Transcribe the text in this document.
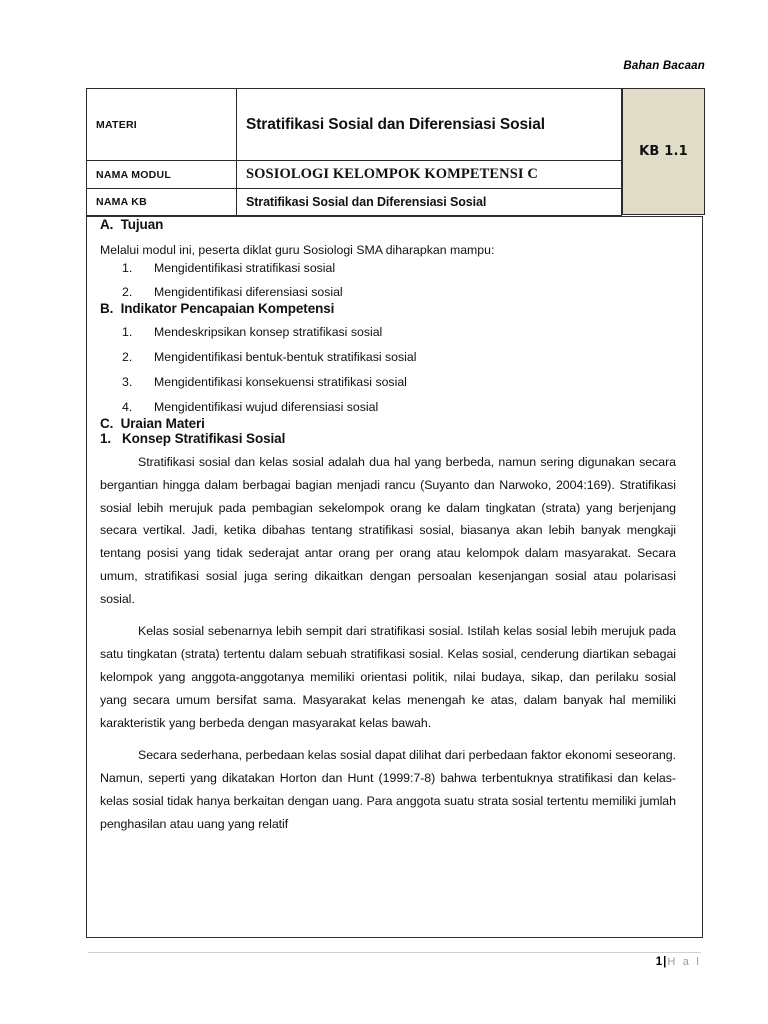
Bahan Bacaan
MATERI	Stratifikasi Sosial dan Diferensiasi Sosial
NAMA MODUL	SOSIOLOGI KELOMPOK KOMPETENSI C
NAMA KB	Stratifikasi Sosial dan Diferensiasi Sosial
KB 1.1
A.  Tujuan

Melalui modul ini, peserta diklat guru Sosiologi SMA diharapkan mampu:

1.	Mengidentifikasi stratifikasi sosial
2.	Mengidentifikasi diferensiasi sosial
B.  Indikator Pencapaian Kompetensi
1.	Mendeskripsikan konsep stratifikasi sosial
2.	Mengidentifikasi bentuk-bentuk stratifikasi sosial
3.	Mengidentifikasi konsekuensi stratifikasi sosial
4.	Mengidentifikasi wujud diferensiasi sosial
C.  Uraian Materi
1.   Konsep Stratifikasi Sosial

Stratifikasi sosial dan kelas sosial adalah dua hal yang berbeda, namun sering digunakan secara bergantian hingga dalam berbagai bagian menjadi rancu (Suyanto dan Narwoko, 2004:169). Stratifikasi sosial lebih merujuk pada pembagian sekelompok orang ke dalam tingkatan (strata) yang berjenjang secara vertikal. Jadi, ketika dibahas tentang stratifikasi sosial, biasanya akan lebih banyak mengkaji tentang posisi yang tidak sederajat antar orang per orang atau kelompok dalam masyarakat. Secara umum, stratifikasi sosial juga sering dikaitkan dengan persoalan kesenjangan sosial atau polarisasi sosial.

Kelas sosial sebenarnya lebih sempit dari stratifikasi sosial. Istilah kelas sosial lebih merujuk pada satu tingkatan (strata) tertentu dalam sebuah stratifikasi sosial. Kelas sosial, cenderung diartikan sebagai kelompok yang anggota-anggotanya memiliki orientasi politik, nilai budaya, sikap, dan perilaku sosial yang secara umum bersifat sama. Masyarakat kelas menengah ke atas, dalam banyak hal memiliki karakteristik yang berbeda dengan masyarakat kelas bawah.

Secara sederhana, perbedaan kelas sosial dapat dilihat dari perbedaan faktor ekonomi seseorang. Namun, seperti yang dikatakan Horton dan Hunt (1999:7-8) bahwa terbentuknya stratifikasi dan kelas-kelas sosial tidak hanya berkaitan dengan uang. Para anggota suatu strata sosial tertentu memiliki jumlah penghasilan atau uang yang relatif

1|H a l
